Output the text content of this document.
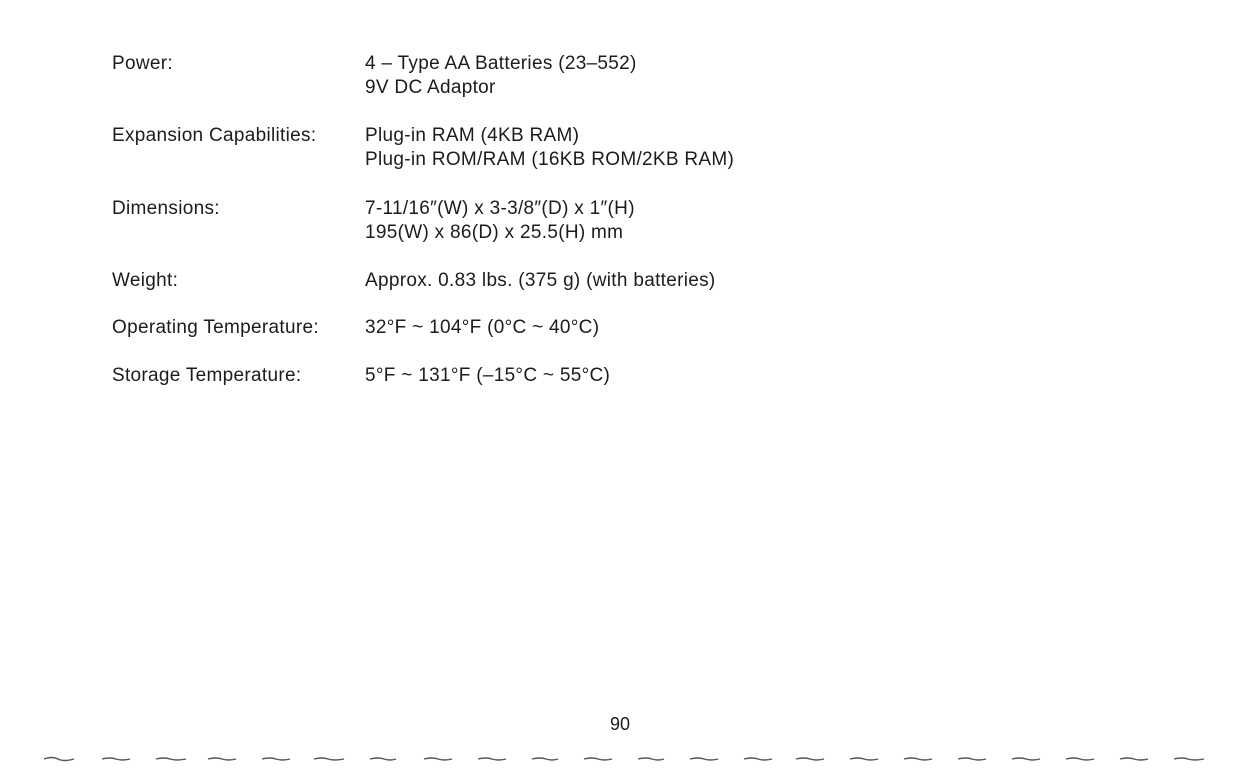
Power:	4 – Type AA Batteries (23–552)
9V DC Adaptor
Expansion Capabilities:	Plug-in RAM (4KB RAM)
Plug-in ROM/RAM (16KB ROM/2KB RAM)
Dimensions:	7-11/16″(W) x 3-3/8″(D) x 1″(H)
195(W) x 86(D) x 25.5(H) mm
Weight:	Approx. 0.83 lbs. (375 g) (with batteries)
Operating Temperature:	32°F ~ 104°F (0°C ~ 40°C)
Storage Temperature:	5°F ~ 131°F (–15°C ~ 55°C)
90
